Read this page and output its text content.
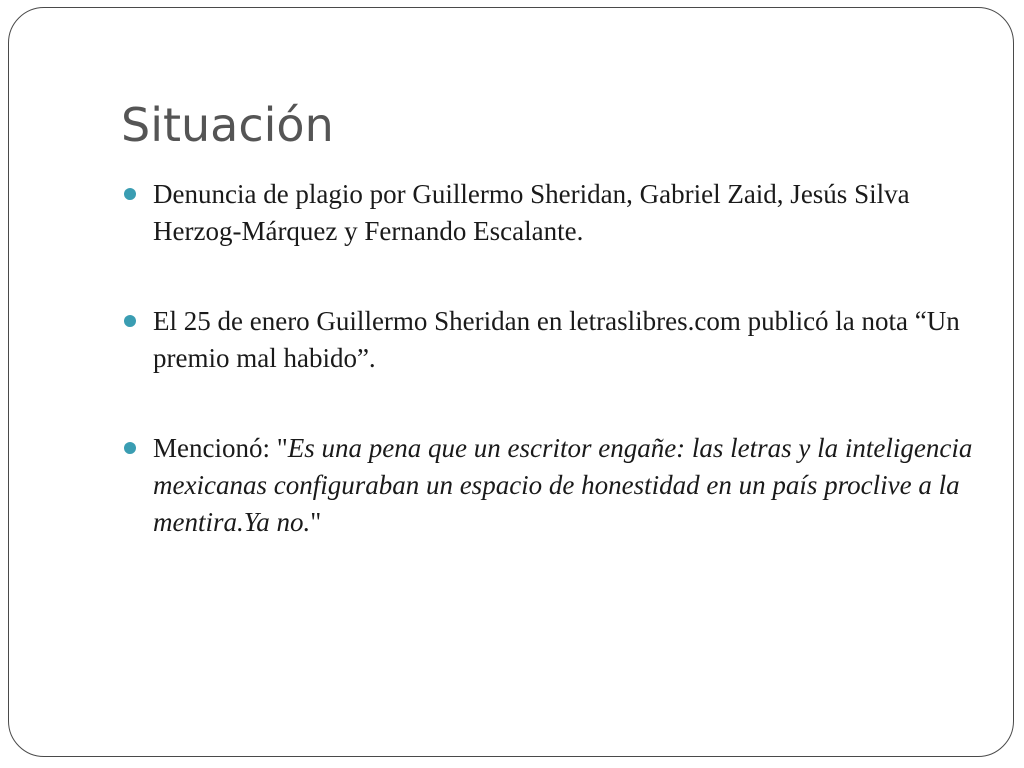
Situación
Denuncia de plagio por Guillermo Sheridan, Gabriel Zaid, Jesús Silva Herzog-Márquez y Fernando Escalante.
El 25 de enero Guillermo Sheridan en letraslibres.com publicó la nota “Un premio mal habido”.
Mencionó: "Es una pena que un escritor engañe: las letras y la inteligencia mexicanas configuraban un espacio de honestidad en un país proclive a la mentira.Ya no."
